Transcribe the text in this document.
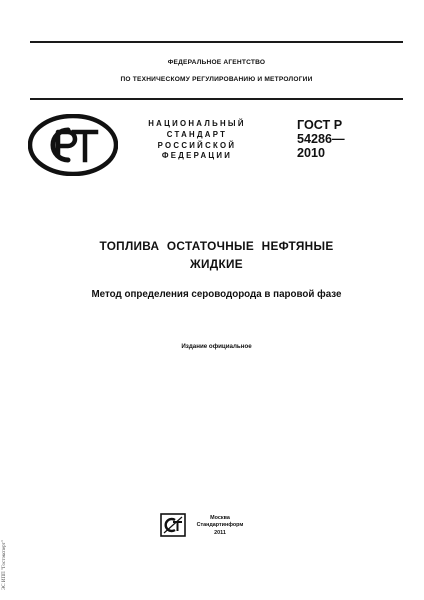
ФЕДЕРАЛЬНОЕ АГЕНТСТВО
ПО ТЕХНИЧЕСКОМУ РЕГУЛИРОВАНИЮ И МЕТРОЛОГИИ
НАЦИОНАЛЬНЫЙ
СТАНДАРТ
РОССИЙСКОЙ
ФЕДЕРАЦИИ
ГОСТ Р
54286—
2010
ТОПЛИВА ОСТАТОЧНЫЕ НЕФТЯНЫЕ
ЖИДКИЕ
Метод определения сероводорода в паровой фазе
Издание официальное
Москва
Стандартинформ
2011
ЭС ИПП "Гостэксперт"
